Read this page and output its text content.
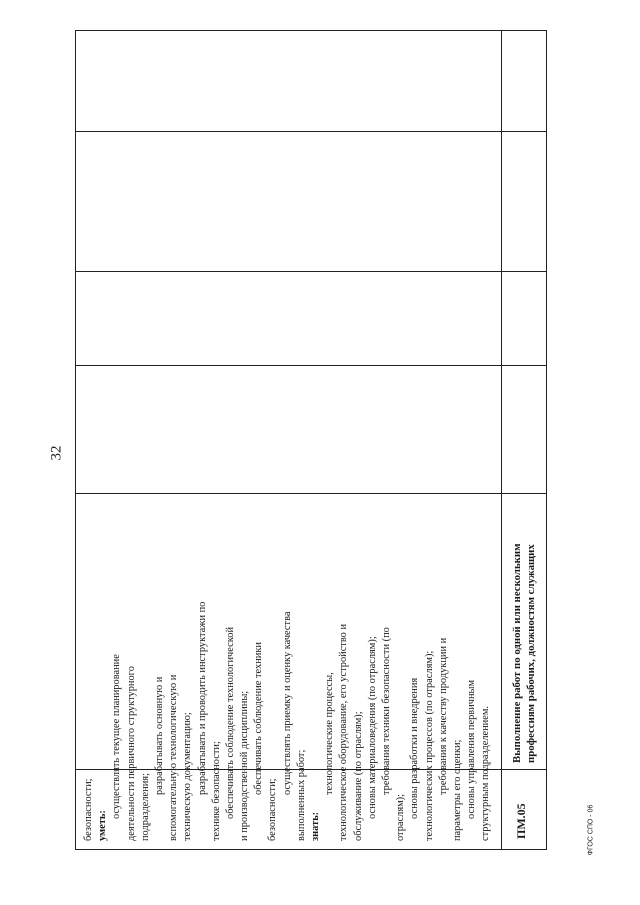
32
ФГОС СПО - 06
безопасности; уметь:
осуществлять текущее планирование деятельности первичного структурного подразделения;
разрабатывать основную и вспомогательную технологическую и техническую документацию; разрабатывать и проводить инструктажи по технике безопасности; обеспечивать соблюдение технологической и производственной дисциплины; обеспечивать соблюдение техники
безопасности;
осуществлять приемку и оценку качества
выполненных работ; знать:
технологические процессы, технологическое оборудование, его устройство и обслуживание (по отраслям); основы материаловедения (по отраслям); требования техники безопасности (по
отраслям); основы разработки и внедрения технологических процессов (по отраслям); требования к качеству продукции и параметры его оценки; основы управления первичным структурным подразделением.	ПМ.05
Выполнение работ по одной или нескольким профессиям рабочих, должностям служащих
